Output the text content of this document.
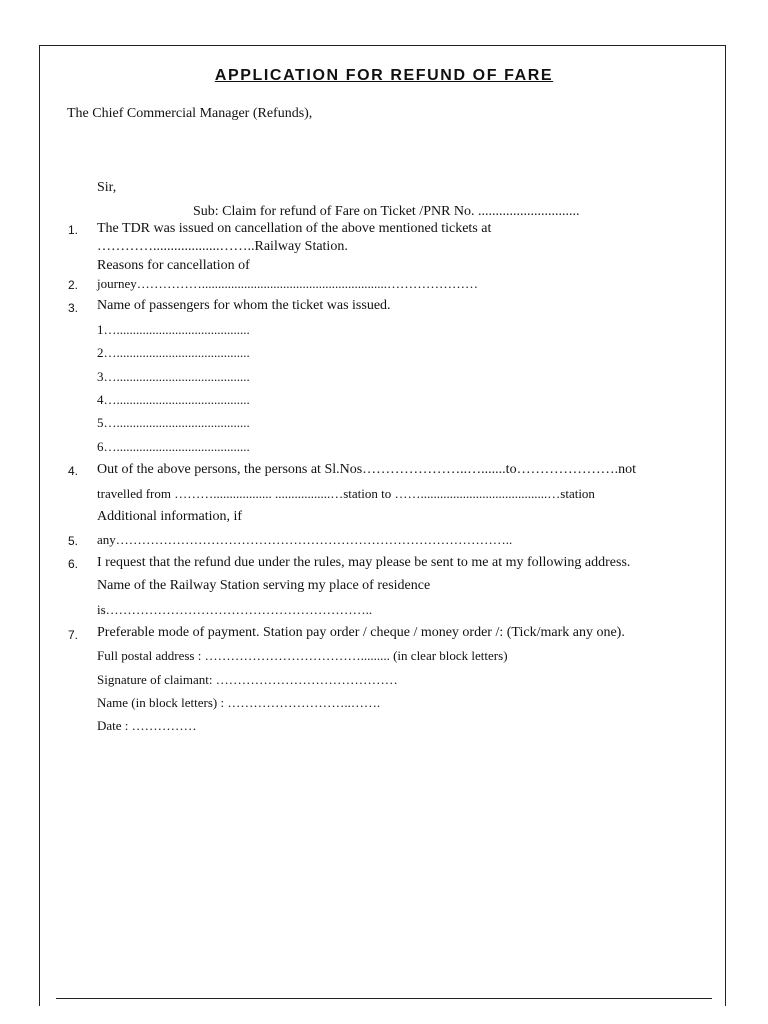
APPLICATION FOR REFUND OF FARE
The Chief Commercial Manager (Refunds),
Sir,
Sub: Claim for refund of Fare on Ticket /PNR No. .............................
1. The TDR was issued on cancellation of the above mentioned tickets at
…………...................……..Railway Station.
Reasons for cancellation of
2. journey…………….........................................................…………………
3. Name of passengers for whom the ticket was issued.
1….........................................
2….........................................
3….........................................
4….........................................
5….........................................
6….........................................
4. Out of the above persons, the persons at Sl.Nos…………………..….......to………………….not
travelled from ……….................. .................…station to …….......................................…station
Additional information, if
5. any………………………………………………………………………………..
6. I request that the refund due under the rules, may please be sent to me at my following address.
Name of the Railway Station serving my place of residence
is……………………………………………………..
7. Preferable mode of payment. Station pay order / cheque / money order /: (Tick/mark any one).
Full postal address : ………………………………......... (in clear block letters)
Signature of claimant: ……………………………………
Name (in block letters) : ………………………..…….
Date : ……………
